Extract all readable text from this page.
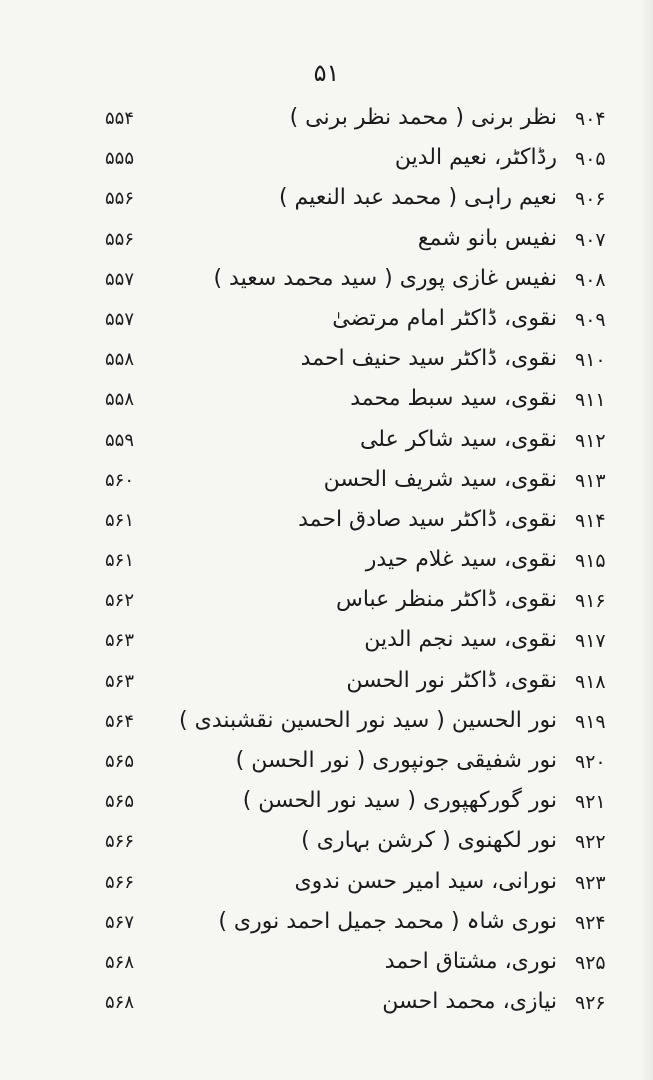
۵۱
۹۰۴
نظر برنی ( محمد نظر برنی )
۵۵۴
۹۰۵
رڈاکٹر، نعیم الدین
۵۵۵
۹۰۶
نعیم راہی ( محمد عبد النعیم )
۵۵۶
۹۰۷
نفیس بانو شمع
۵۵۶
۹۰۸
نفیس غازی پوری ( سید محمد سعید )
۵۵۷
۹۰۹
نقوی، ڈاکٹر امام مرتضیٰ
۵۵۷
۹۱۰
نقوی، ڈاکٹر سید حنیف احمد
۵۵۸
۹۱۱
نقوی، سید سبط محمد
۵۵۸
۹۱۲
نقوی، سید شاکر علی
۵۵۹
۹۱۳
نقوی، سید شریف الحسن
۵۶۰
۹۱۴
نقوی، ڈاکٹر سید صادق احمد
۵۶۱
۹۱۵
نقوی، سید غلام حیدر
۵۶۱
۹۱۶
نقوی، ڈاکٹر منظر عباس
۵۶۲
۹۱۷
نقوی، سید نجم الدین
۵۶۳
۹۱۸
نقوی، ڈاکٹر نور الحسن
۵۶۳
۹۱۹
نور الحسین ( سید نور الحسین نقشبندی )
۵۶۴
۹۲۰
نور شفیقی جونپوری ( نور الحسن )
۵۶۵
۹۲۱
نور گورکھپوری ( سید نور الحسن )
۵۶۵
۹۲۲
نور لکھنوی ( کرشن بہاری )
۵۶۶
۹۲۳
نورانی، سید امیر حسن ندوی
۵۶۶
۹۲۴
نوری شاہ ( محمد جمیل احمد نوری )
۵۶۷
۹۲۵
نوری، مشتاق احمد
۵۶۸
۹۲۶
نیازی، محمد احسن
۵۶۸
